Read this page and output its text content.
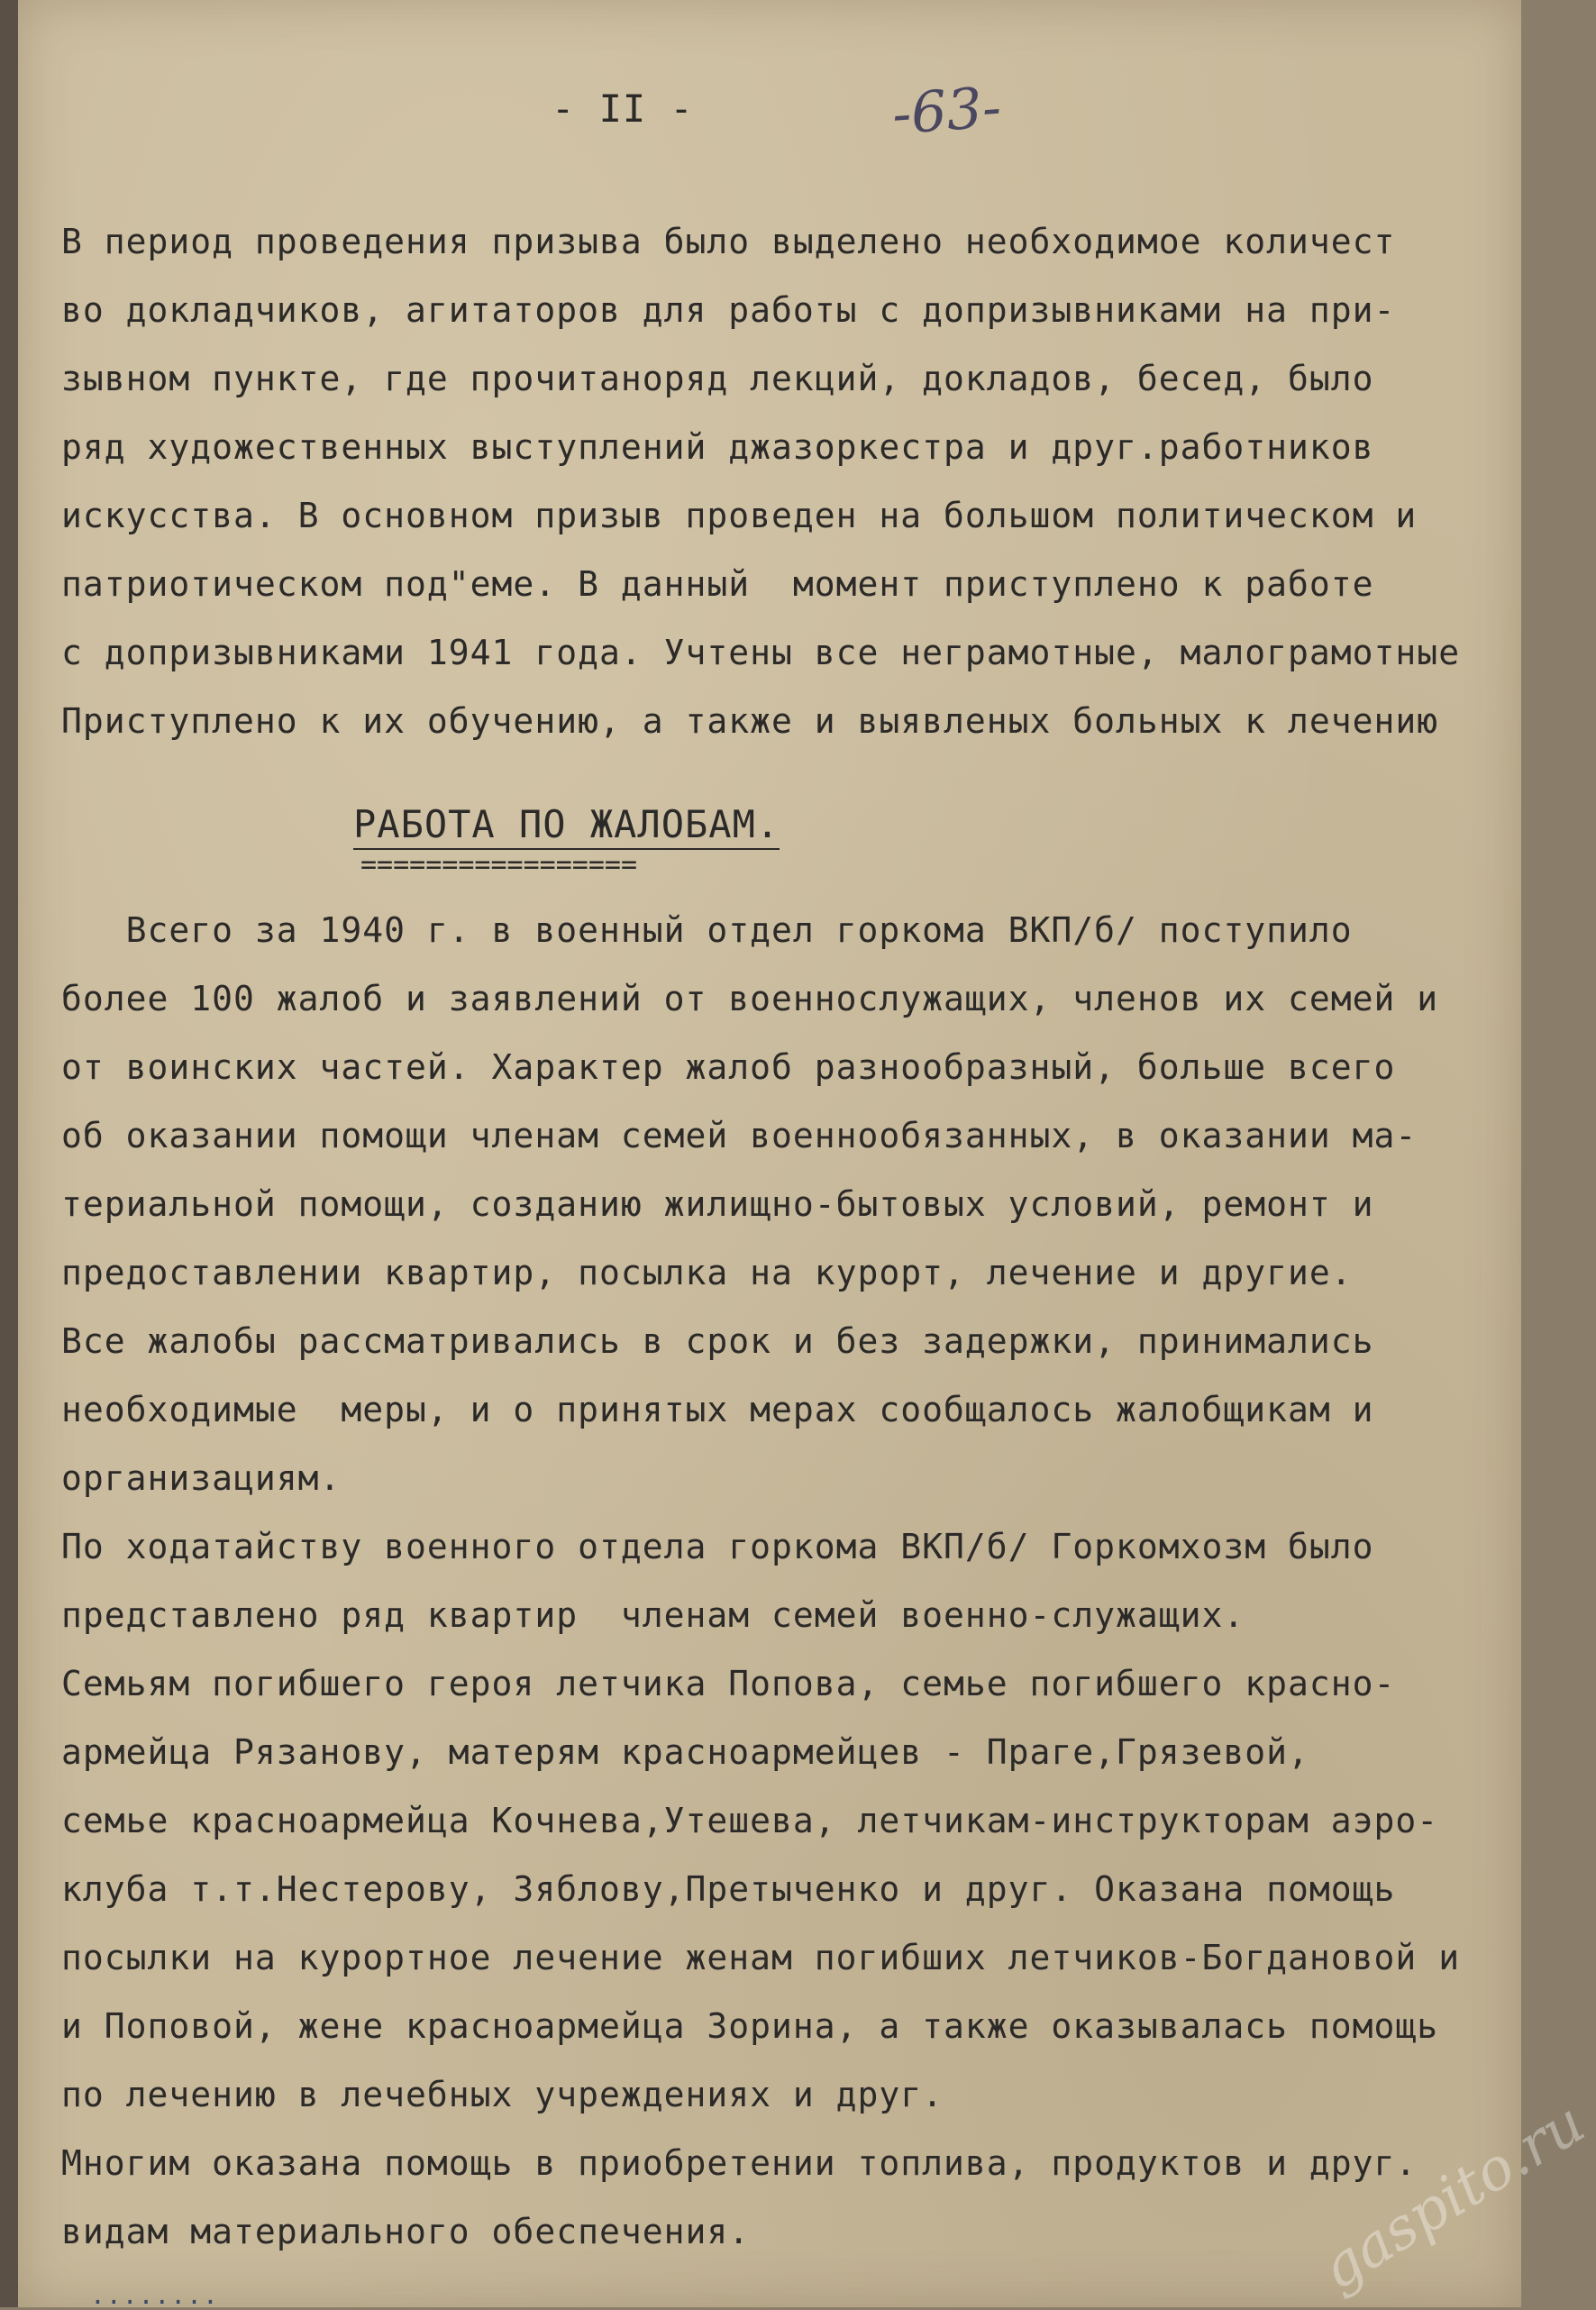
- II -	-63-
В период проведения призыва было выделено необходимое количест
во докладчиков, агитаторов для работы с допризывниками на при-
зывном пункте, где прочитаноряд лекций, докладов, бесед, было
ряд художественных выступлений джазоркестра и друг.работников
искусства. В основном призыв проведен на большом политическом и
патриотическом под"еме. В данный  момент приступлено к работе
с допризывниками 1941 года. Учтены все неграмотные, малограмотные
Приступлено к их обучению, а также и выявленых больных к лечению
РАБОТА ПО ЖАЛОБАМ.
=================
Всего за 1940 г. в военный отдел горкома ВКП/б/ поступило
более 100 жалоб и заявлений от военнослужащих, членов их семей и
от воинских частей. Характер жалоб разнообразный, больше всего
об оказании помощи членам семей военнообязанных, в оказании ма-
териальной помощи, созданию жилищно-бытовых условий, ремонт и
предоставлении квартир, посылка на курорт, лечение и другие.
Все жалобы рассматривались в срок и без задержки, принимались
необходимые  меры, и о принятых мерах сообщалось жалобщикам и
организациям.
По ходатайству военного отдела горкома ВКП/б/ Горкомхозм было
представлено ряд квартир  членам семей военно-служащих.
Семьям погибшего героя летчика Попова, семье погибшего красно-
армейца Рязанову, матерям красноармейцев - Праге,Грязевой,
семье красноармейца Кочнева,Утешева, летчикам-инструкторам аэро-
клуба т.т.Нестерову, Зяблову,Претыченко и друг. Оказана помощь
посылки на курортное лечение женам погибших летчиков-Богдановой и
и Поповой, жене красноармейца Зорина, а также оказывалась помощь
по лечению в лечебных учреждениях и друг.
Многим оказана помощь в приобретении топлива, продуктов и друг.
видам материального обеспечения.	gaspito.ru
........
